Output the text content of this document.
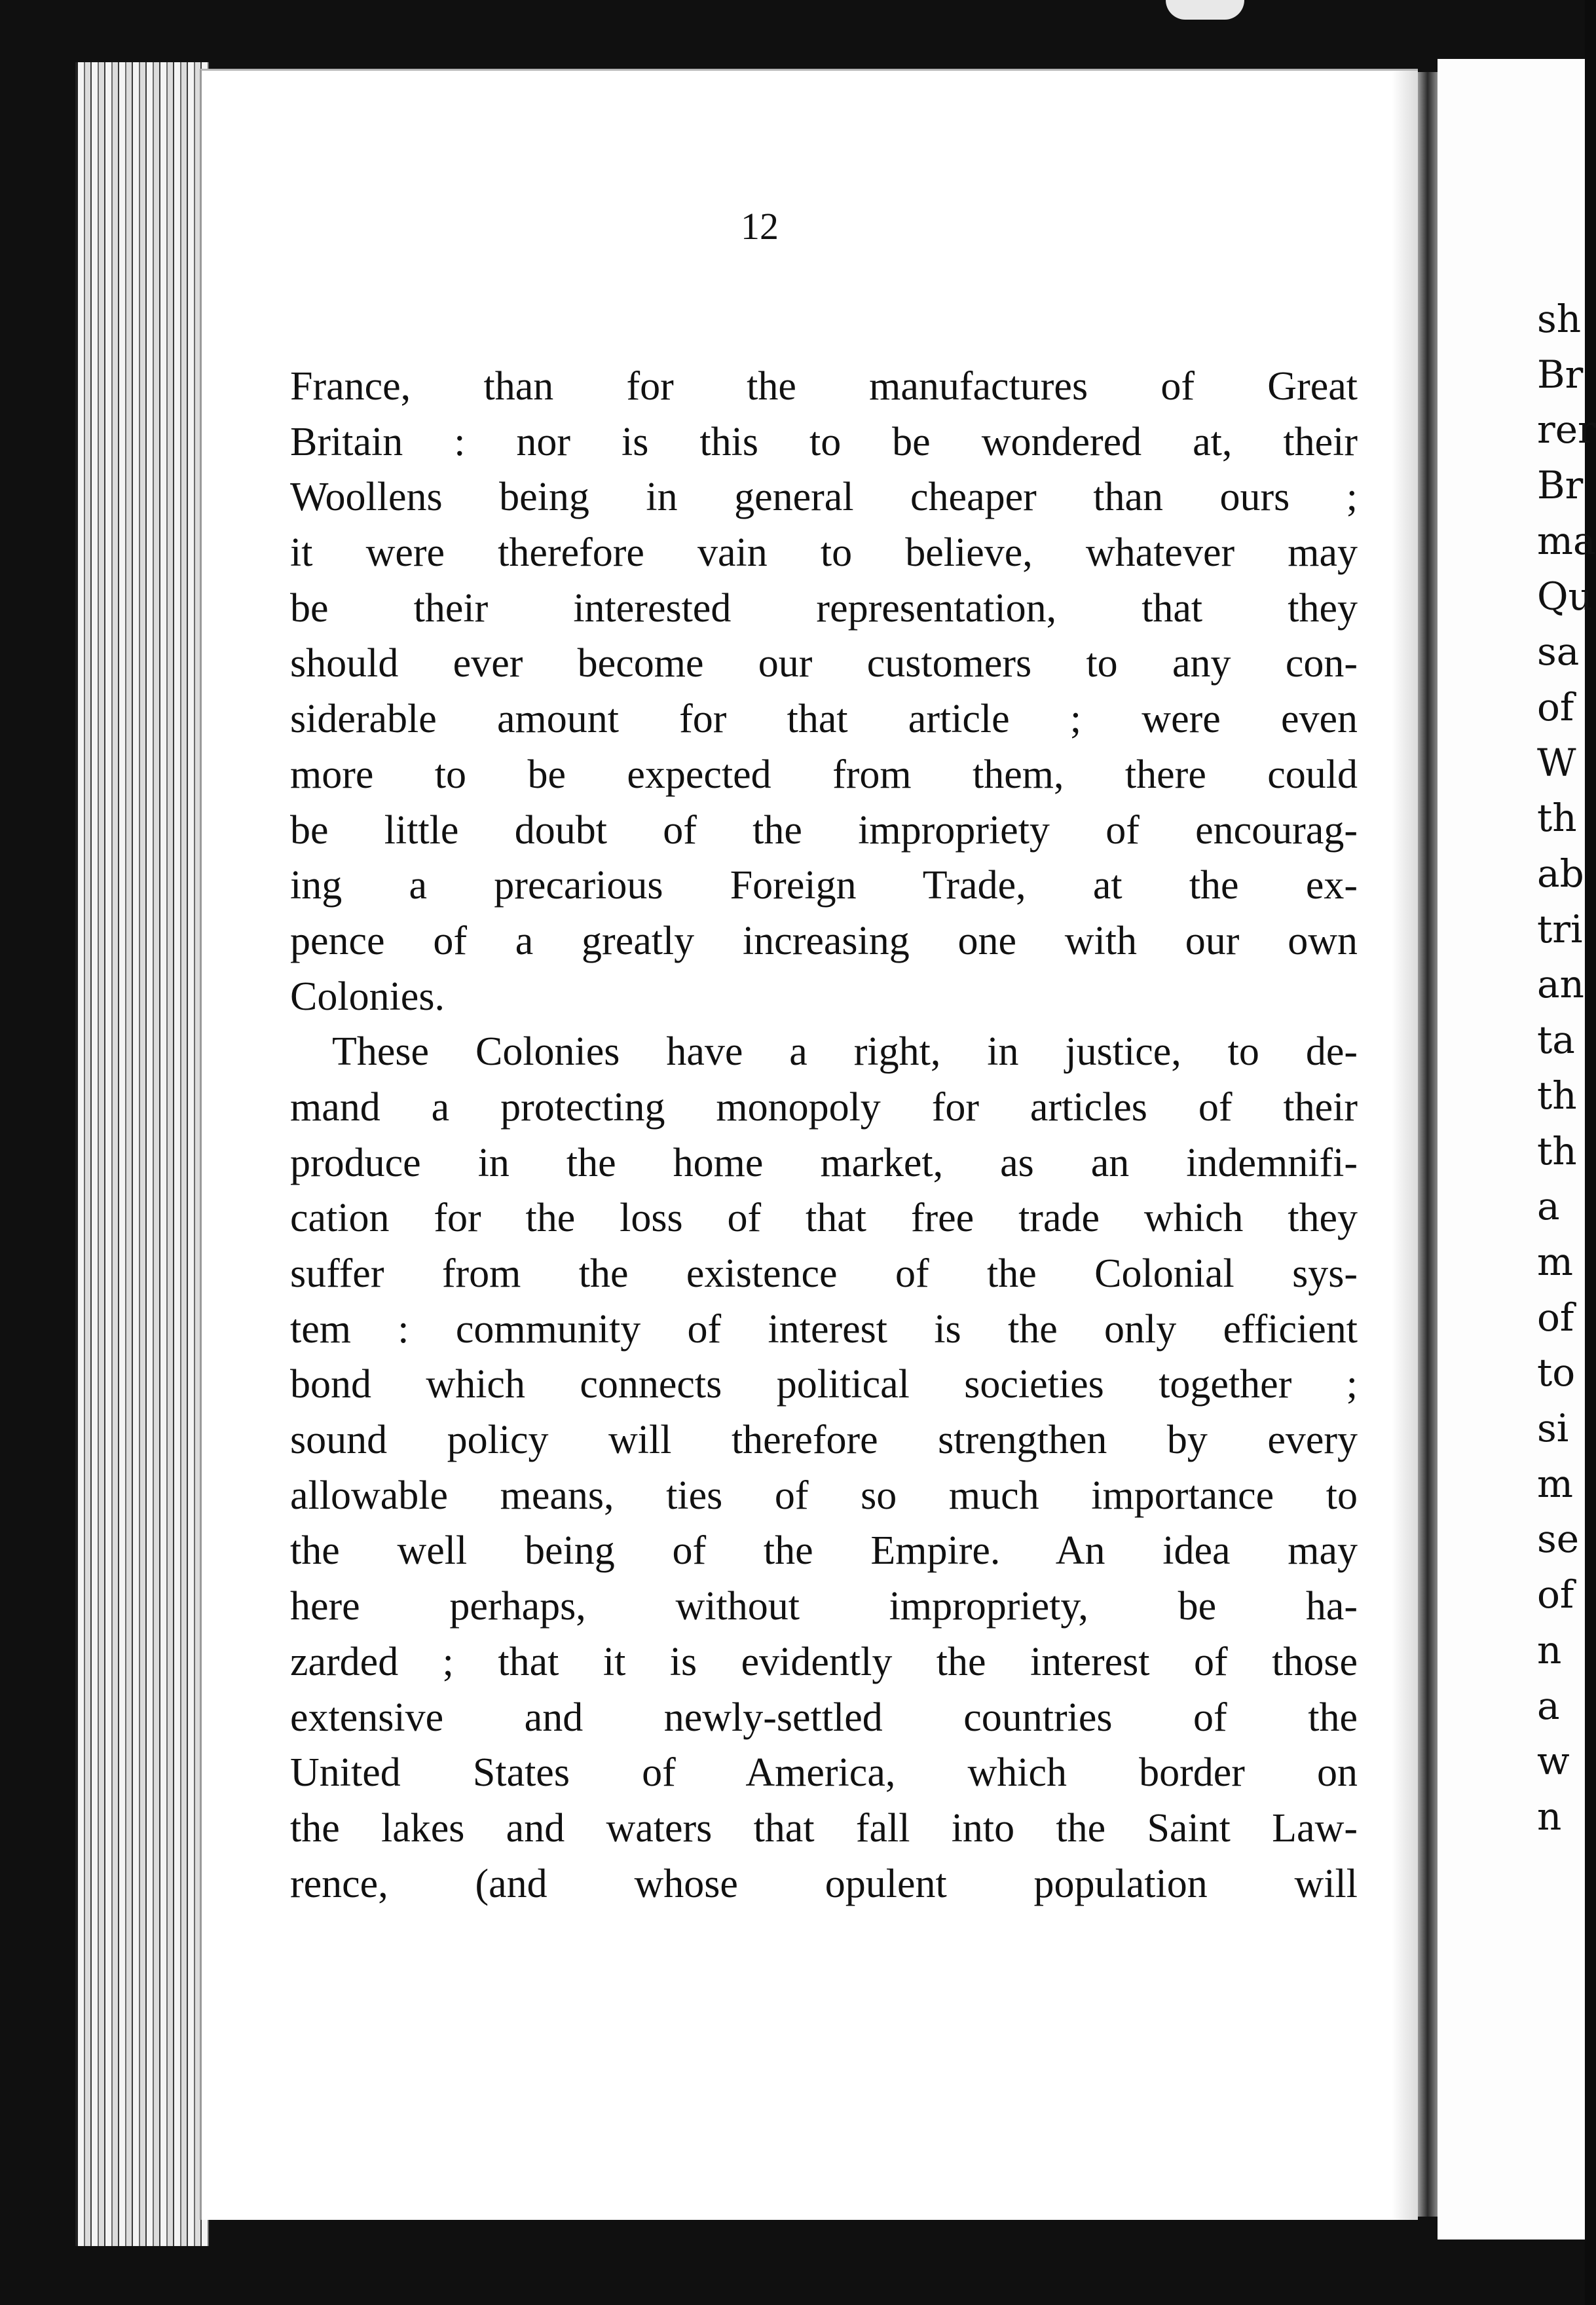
12
France, than for the manufactures of Great
Britain : nor is this to be wondered at, their
Woollens being in general cheaper than ours ;
it were therefore vain to believe, whatever may
be their interested representation, that they
should ever become our customers to any con-
siderable amount for that article ; were even
more to be expected from them, there could
be little doubt of the impropriety of encourag-
ing a precarious Foreign Trade, at the ex-
pence of a greatly increasing one with our own
Colonies.
These Colonies have a right, in justice, to de-
mand a protecting monopoly for articles of their
produce in the home market, as an indemnifi-
cation for the loss of that free trade which they
suffer from the existence of the Colonial sys-
tem : community of interest is the only efficient
bond which connects political societies together ;
sound policy will therefore strengthen by every
allowable means, ties of so much importance to
the well being of the Empire. An idea may
here perhaps, without impropriety, be ha-
zarded ; that it is evidently the interest of those
extensive and newly-settled countries of the
United States of America, which border on
the lakes and waters that fall into the Saint Law-
rence, (and whose opulent population will
sh
Br
rer
Br
ma
Qu
sa
of
W
th
ab
tri
an
ta
th
th
a
m
of
to
si
m
se
of
n
a
w
n
